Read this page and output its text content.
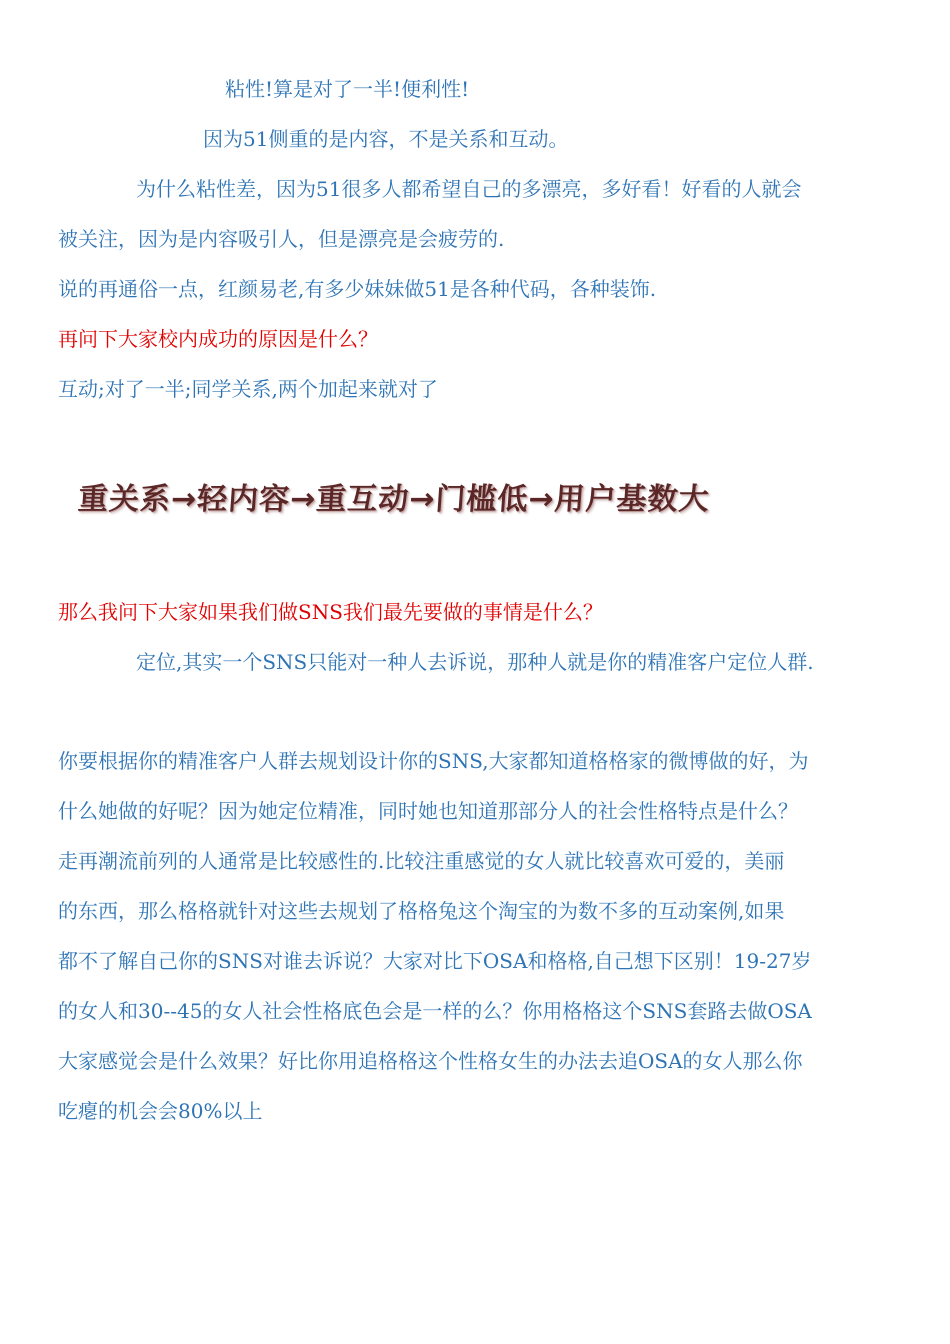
粘性!算是对了一半!便利性!

因为51侧重的是内容，不是关系和互动。

为什么粘性差，因为51很多人都希望自己的多漂亮，多好看！好看的人就会

被关注，因为是内容吸引人，但是漂亮是会疲劳的.

说的再通俗一点，红颜易老,有多少妹妹做51是各种代码，各种装饰.

再问下大家校内成功的原因是什么？

互动;对了一半;同学关系,两个加起来就对了

重关系→轻内容→重互动→门槛低→用户基数大

那么我问下大家如果我们做SNS我们最先要做的事情是什么？

定位,其实一个SNS只能对一种人去诉说，那种人就是你的精准客户定位人群.

你要根据你的精准客户人群去规划设计你的SNS,大家都知道格格家的微博做的好，为

什么她做的好呢？因为她定位精准，同时她也知道那部分人的社会性格特点是什么？

走再潮流前列的人通常是比较感性的.比较注重感觉的女人就比较喜欢可爱的，美丽

的东西，那么格格就针对这些去规划了格格兔这个淘宝的为数不多的互动案例,如果

都不了解自己你的SNS对谁去诉说？大家对比下OSA和格格,自己想下区别！19-27岁

的女人和30--45的女人社会性格底色会是一样的么？你用格格这个SNS套路去做OSA

大家感觉会是什么效果？好比你用追格格这个性格女生的办法去追OSA的女人那么你

吃瘪的机会会80%以上
